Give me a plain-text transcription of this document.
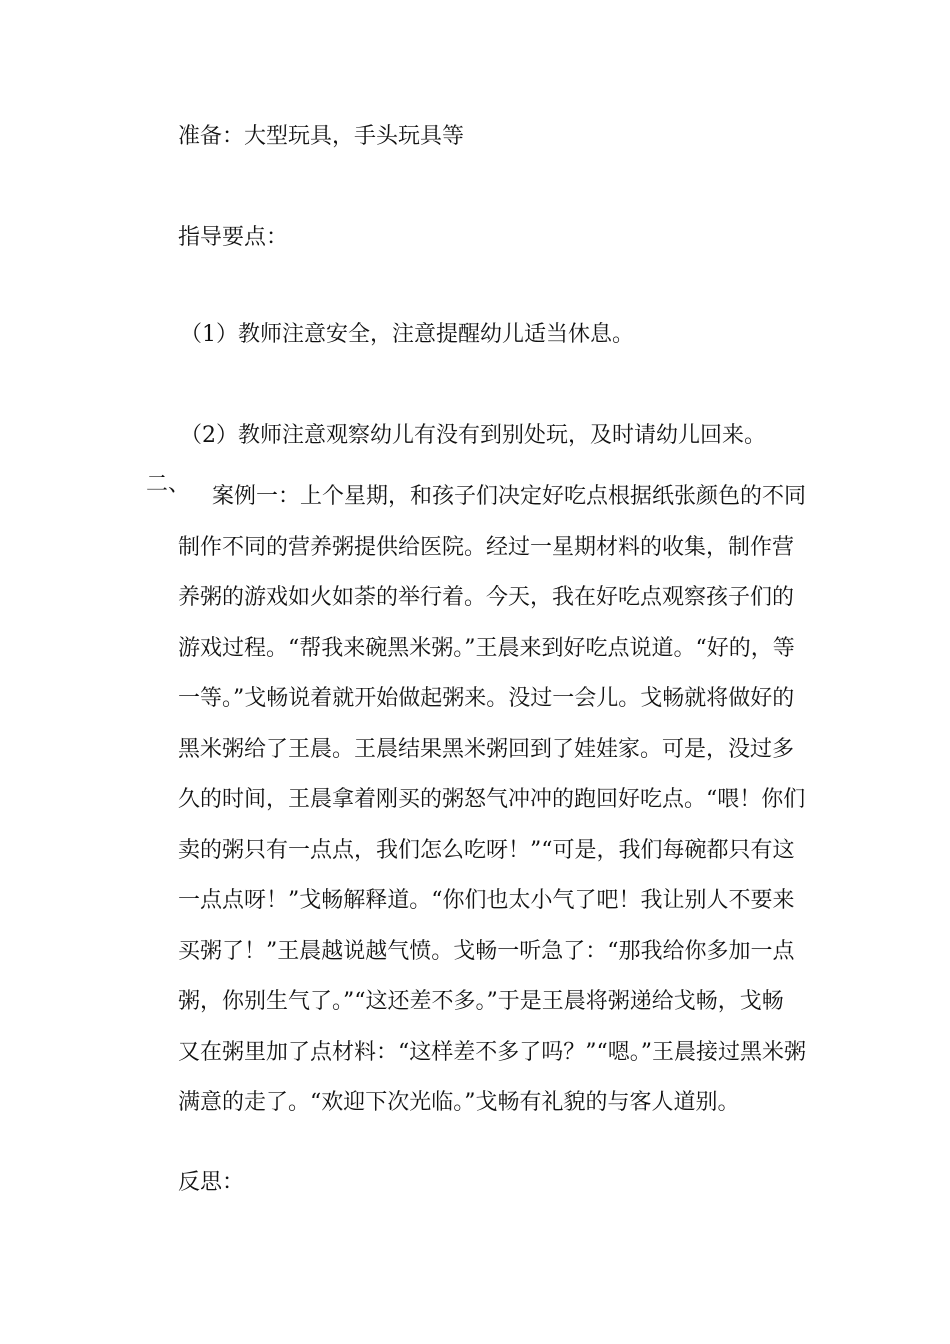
准备：大型玩具，手头玩具等
指导要点：
（1）教师注意安全，注意提醒幼儿适当休息。
（2）教师注意观察幼儿有没有到别处玩，及时请幼儿回来。
二、 案例一：上个星期，和孩子们决定好吃点根据纸张颜色的不同
制作不同的营养粥提供给医院。经过一星期材料的收集，制作营
养粥的游戏如火如荼的举行着。今天，我在好吃点观察孩子们的
游戏过程。“帮我来碗黑米粥。”王晨来到好吃点说道。“好的，等
一等。”戈畅说着就开始做起粥来。没过一会儿。戈畅就将做好的
黑米粥给了王晨。王晨结果黑米粥回到了娃娃家。可是，没过多
久的时间，王晨拿着刚买的粥怒气冲冲的跑回好吃点。“喂！你们
卖的粥只有一点点，我们怎么吃呀！”“可是，我们每碗都只有这
一点点呀！”戈畅解释道。“你们也太小气了吧！我让别人不要来
买粥了！”王晨越说越气愤。戈畅一听急了：“那我给你多加一点
粥，你别生气了。”“这还差不多。”于是王晨将粥递给戈畅，戈畅
又在粥里加了点材料：“这样差不多了吗？”“嗯。”王晨接过黑米粥
满意的走了。“欢迎下次光临。”戈畅有礼貌的与客人道别。
反思：
